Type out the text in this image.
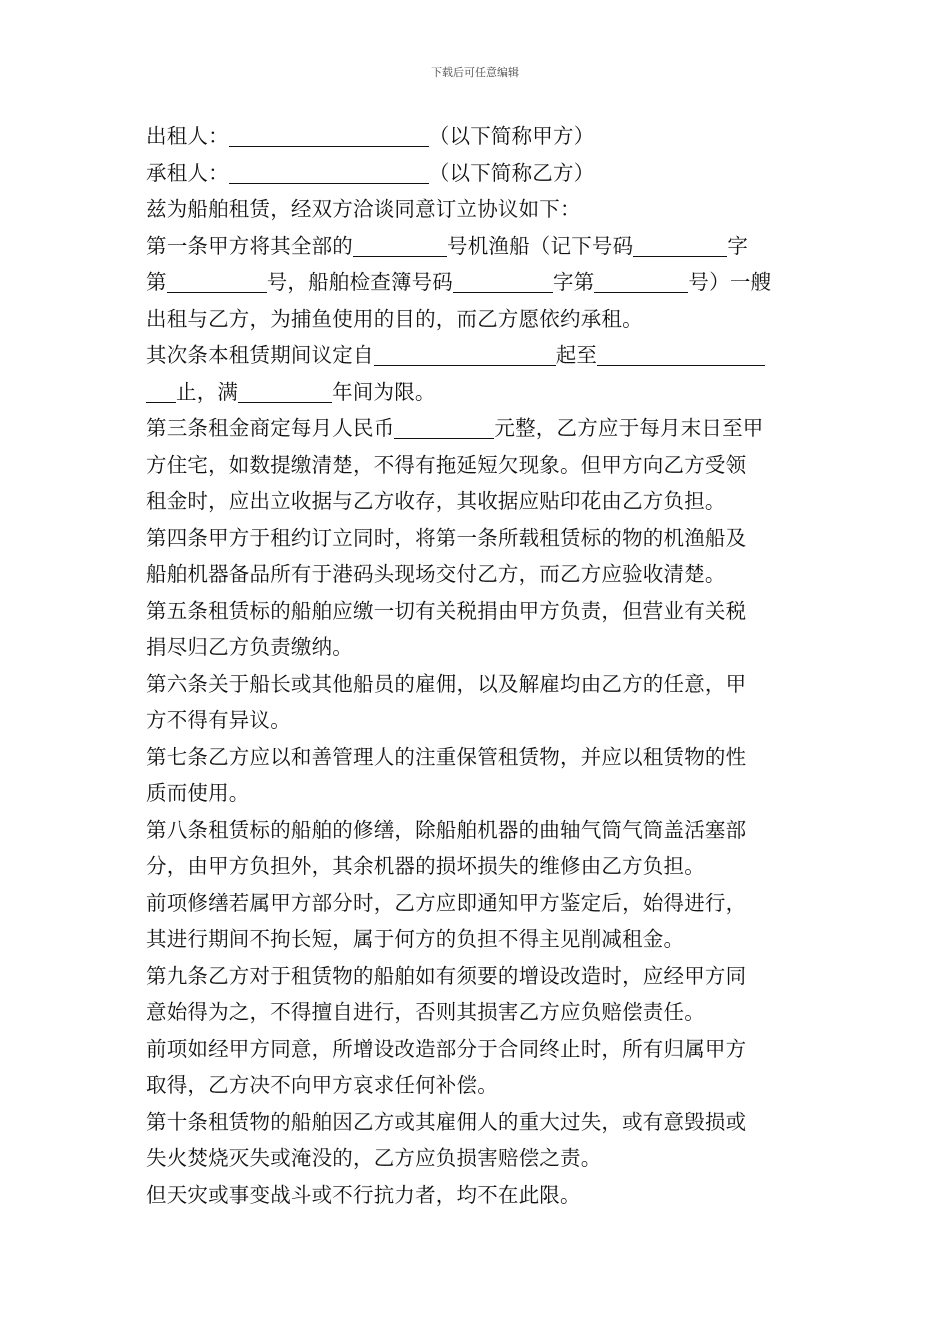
下载后可任意编辑
出租人：	（以下简称甲方）
承租人：	（以下简称乙方）
兹为船舶租赁，经双方洽谈同意订立协议如下：
第一条甲方将其全部的	号机渔船（记下号码	字
第	号，船舶检查簿号码	字第	号）一艘
出租与乙方，为捕鱼使用的目的，而乙方愿依约承租。
其次条本租赁期间议定自	起至
止，满	年间为限。
第三条租金商定每月人民币	元整，乙方应于每月末日至甲
方住宅，如数提缴清楚，不得有拖延短欠现象。但甲方向乙方受领
租金时，应出立收据与乙方收存，其收据应贴印花由乙方负担。
第四条甲方于租约订立同时，将第一条所载租赁标的物的机渔船及
船舶机器备品所有于港码头现场交付乙方，而乙方应验收清楚。
第五条租赁标的船舶应缴一切有关税捐由甲方负责，但营业有关税
捐尽归乙方负责缴纳。
第六条关于船长或其他船员的雇佣，以及解雇均由乙方的任意，甲
方不得有异议。
第七条乙方应以和善管理人的注重保管租赁物，并应以租赁物的性
质而使用。
第八条租赁标的船舶的修缮，除船舶机器的曲轴气筒气筒盖活塞部
分，由甲方负担外，其余机器的损坏损失的维修由乙方负担。
前项修缮若属甲方部分时，乙方应即通知甲方鉴定后，始得进行，
其进行期间不拘长短，属于何方的负担不得主见削减租金。
第九条乙方对于租赁物的船舶如有须要的增设改造时，应经甲方同
意始得为之，不得擅自进行，否则其损害乙方应负赔偿责任。
前项如经甲方同意，所增设改造部分于合同终止时，所有归属甲方
取得，乙方决不向甲方哀求任何补偿。
第十条租赁物的船舶因乙方或其雇佣人的重大过失，或有意毁损或
失火焚烧灭失或淹没的，乙方应负损害赔偿之责。
但天灾或事变战斗或不行抗力者，均不在此限。
